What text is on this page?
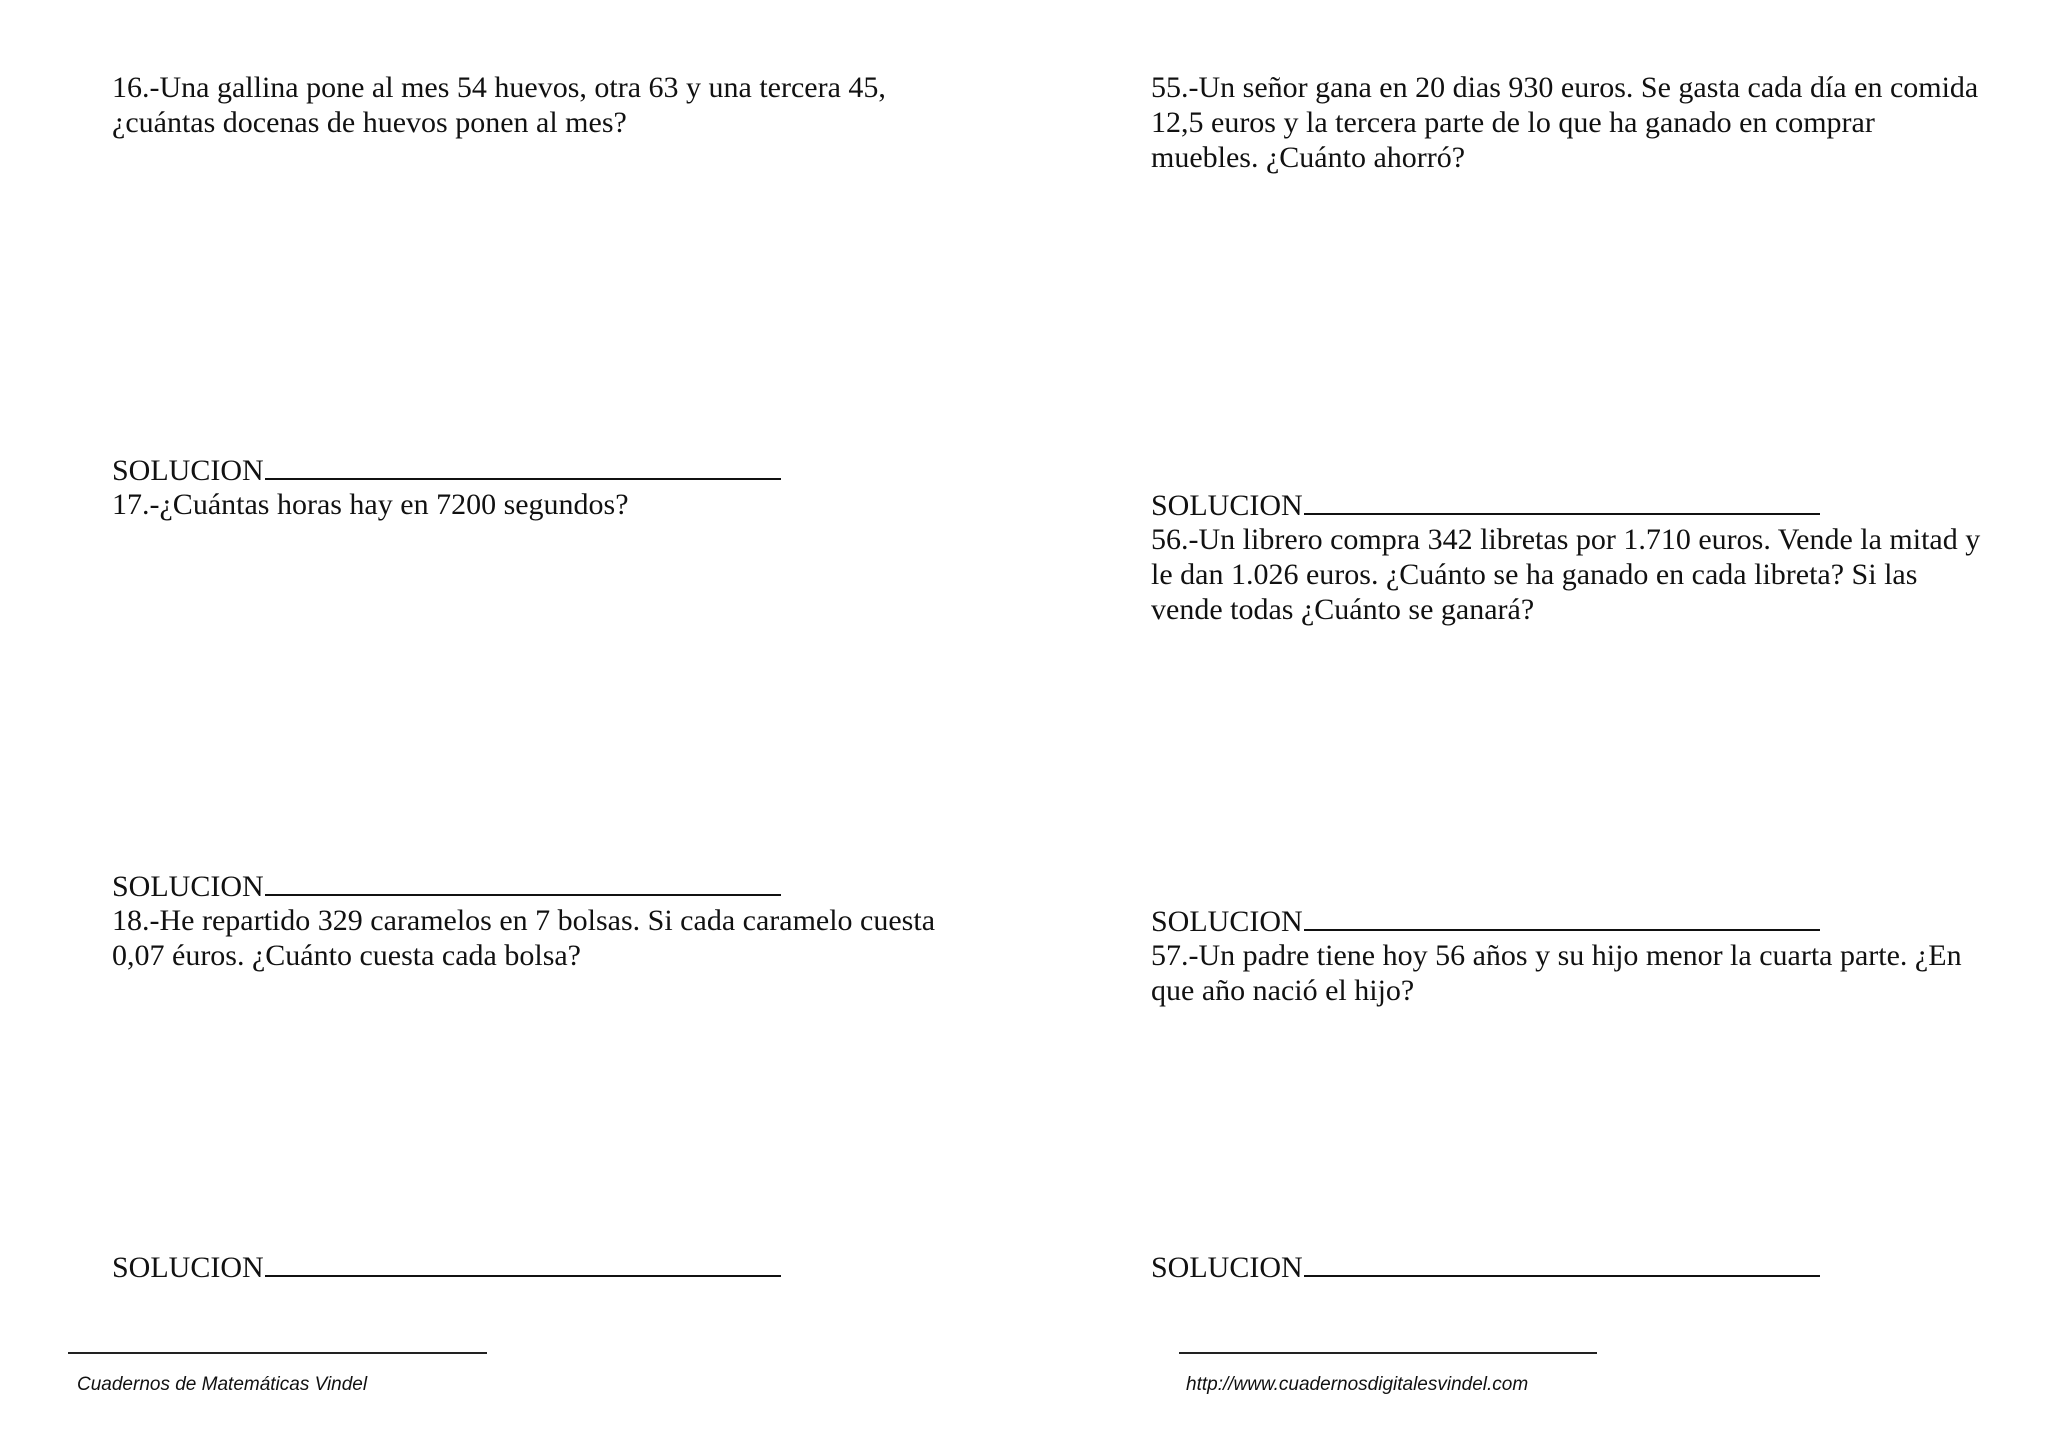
16.-Una gallina pone al mes 54 huevos, otra 63 y una tercera 45,
¿cuántas docenas de huevos ponen al mes?

SOLUCION

17.-¿Cuántas horas hay en 7200 segundos?

SOLUCION

18.-He repartido 329 caramelos en 7 bolsas. Si cada caramelo cuesta
0,07 éuros. ¿Cuánto cuesta cada bolsa?

SOLUCION

55.-Un señor gana en 20 dias 930 euros. Se gasta cada día en comida
12,5 euros y la tercera parte de lo que ha ganado en comprar
muebles. ¿Cuánto ahorró?

SOLUCION

56.-Un librero compra 342 libretas por 1.710 euros. Vende la mitad y
le dan 1.026 euros. ¿Cuánto se ha ganado en cada libreta? Si las
vende todas ¿Cuánto se ganará?

SOLUCION

57.-Un padre tiene hoy 56 años y su hijo menor la cuarta parte. ¿En
que año nació el hijo?

SOLUCION
Cuadernos de Matemáticas Vindel	http://www.cuadernosdigitalesvindel.com
